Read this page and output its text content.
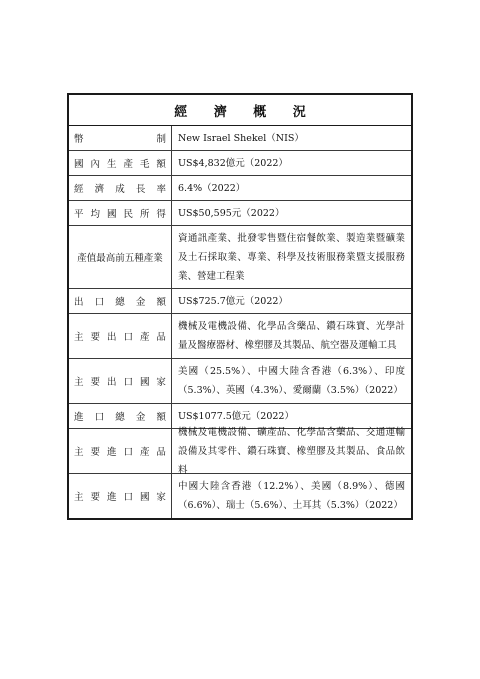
經 濟 概 況
幣	制 New Israel Shekel（NIS）
國 內 生 產 毛 額 US$4,832億元（2022）
經 濟 成 長 率 6.4%（2022）
平 均 國 民 所 得 US$50,595元（2022）
產值最高前五種產業
資通訊產業、批發零售暨住宿餐飲業、製造業暨礦業及土石採取業、專業、科學及技術服務業暨支援服務業、營建工程業
出 口 總 金 額 US$725.7億元（2022）
主 要 出 口 產 品
機械及電機設備、化學品含藥品、鑽石珠寶、光學計量及醫療器材、橡塑膠及其製品、航空器及運輸工具
主 要 出 口 國 家
美國（25.5%）、中國大陸含香港（6.3%）、印度（5.3%）、英國（4.3%）、愛爾蘭（3.5%）（2022）
進 口 總 金 額 US$1077.5億元（2022）
主 要 進 口 產 品
機械及電機設備、礦產品、化學品含藥品、交通運輸設備及其零件、鑽石珠寶、橡塑膠及其製品、食品飲料
主 要 進 口 國 家
中國大陸含香港（12.2%）、美國（8.9%）、德國（6.6%）、瑞士（5.6%）、土耳其（5.3%）（2022）
